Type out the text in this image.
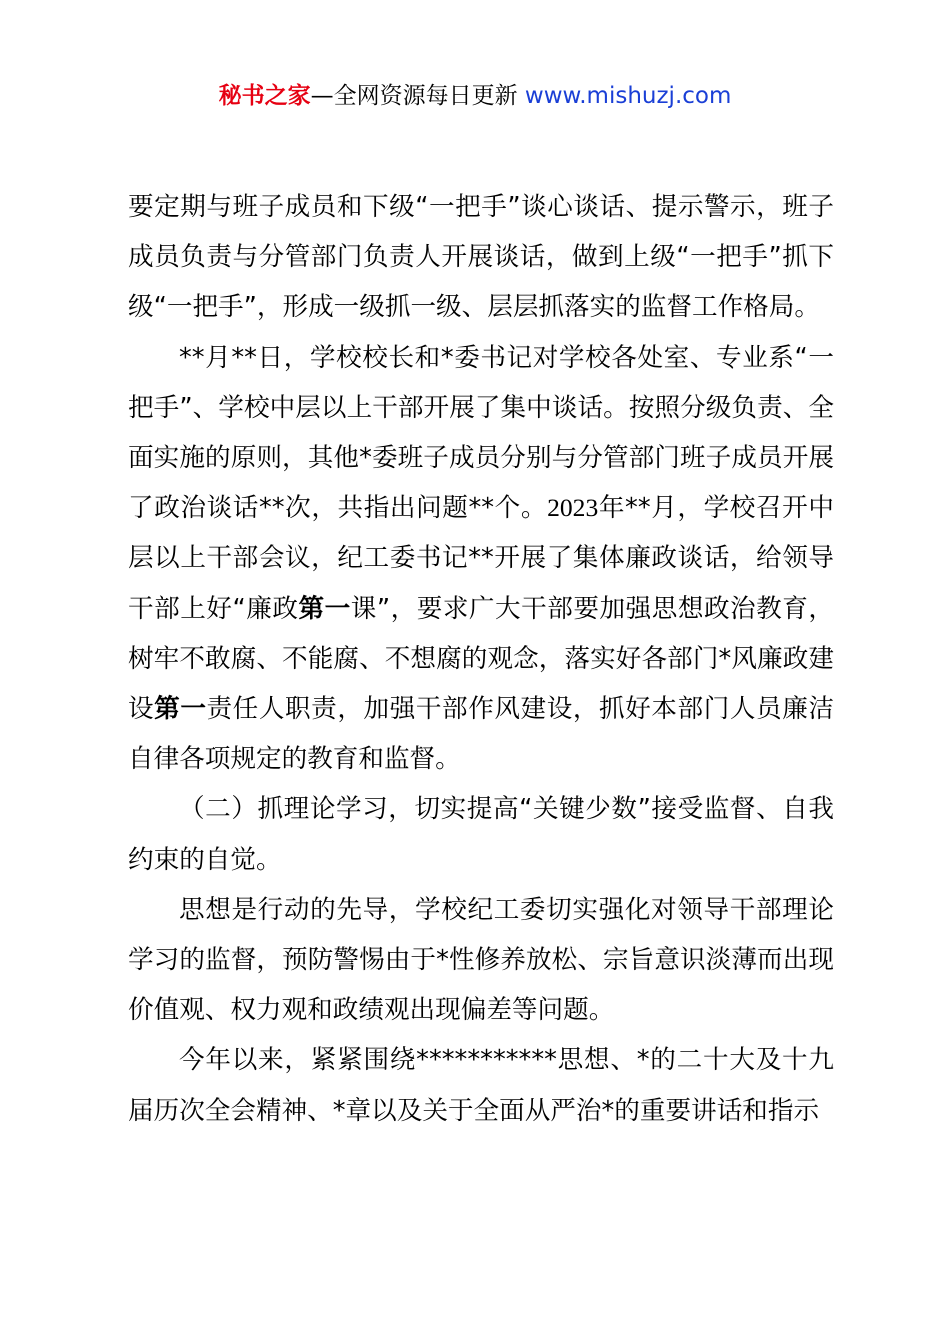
秘书之家—全网资源每日更新 www.mishuzj.com

要定期与班子成员和下级“一把手”谈心谈话、提示警示，班子成员负责与分管部门负责人开展谈话，做到上级“一把手”抓下级“一把手”，形成一级抓一级、层层抓落实的监督工作格局。

**月**日，学校校长和*委书记对学校各处室、专业系“一把手”、学校中层以上干部开展了集中谈话。按照分级负责、全面实施的原则，其他*委班子成员分别与分管部门班子成员开展了政治谈话**次，共指出问题**个。2023年**月，学校召开中层以上干部会议，纪工委书记**开展了集体廉政谈话，给领导干部上好“廉政第一课”，要求广大干部要加强思想政治教育，树牢不敢腐、不能腐、不想腐的观念，落实好各部门*风廉政建设第一责任人职责，加强干部作风建设，抓好本部门人员廉洁自律各项规定的教育和监督。

（二）抓理论学习，切实提高“关键少数”接受监督、自我约束的自觉。

思想是行动的先导，学校纪工委切实强化对领导干部理论学习的监督，预防警惕由于*性修养放松、宗旨意识淡薄而出现价值观、权力观和政绩观出现偏差等问题。

今年以来，紧紧围绕***********思想、*的二十大及十九届历次全会精神、*章以及关于全面从严治*的重要讲话和指示
